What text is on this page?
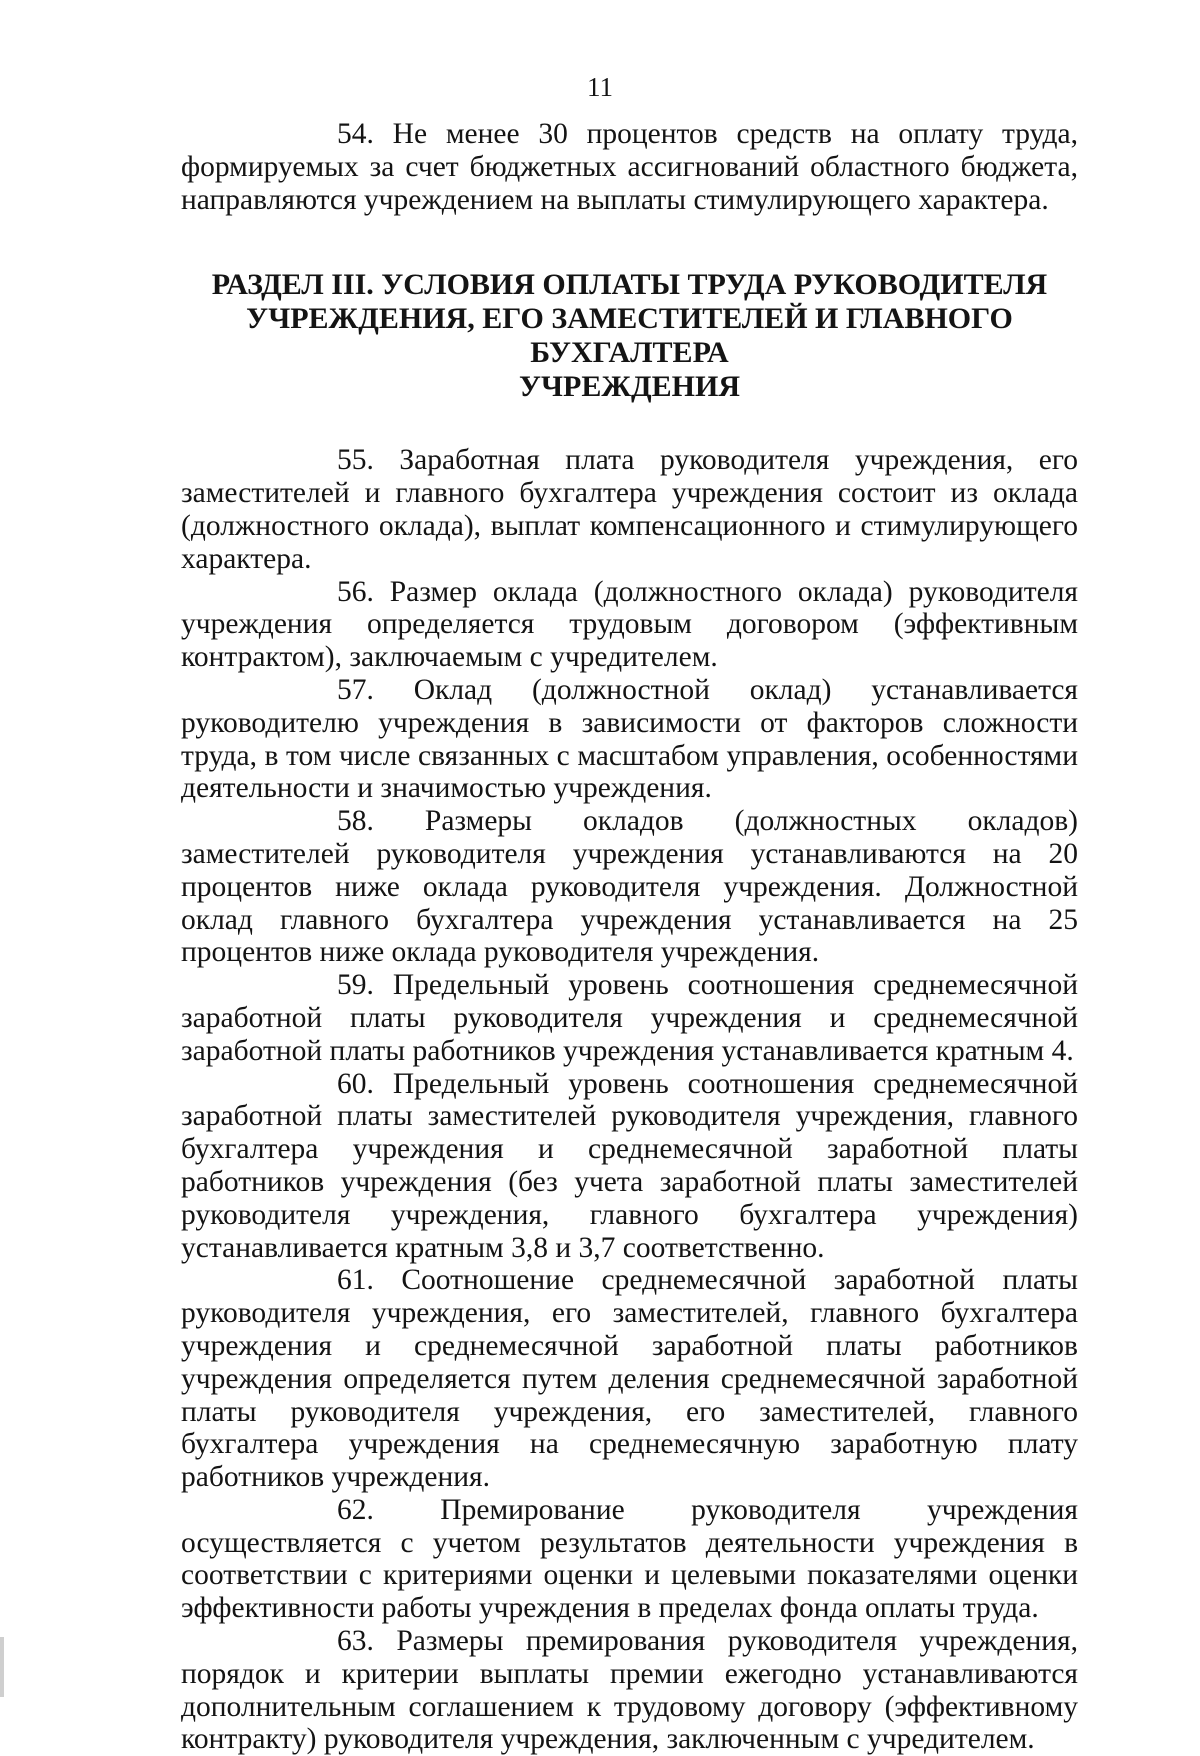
11

54. Не менее 30 процентов средств на оплату труда, формируемых за счет бюджетных ассигнований областного бюджета, направляются учреждением на выплаты стимулирующего характера.

РАЗДЕЛ III. УСЛОВИЯ ОПЛАТЫ ТРУДА РУКОВОДИТЕЛЯ
УЧРЕЖДЕНИЯ, ЕГО ЗАМЕСТИТЕЛЕЙ И ГЛАВНОГО БУХГАЛТЕРА
УЧРЕЖДЕНИЯ

55. Заработная плата руководителя учреждения, его заместителей и главного бухгалтера учреждения состоит из оклада (должностного оклада), выплат компенсационного и стимулирующего характера.

56. Размер оклада (должностного оклада) руководителя учреждения определяется трудовым договором (эффективным контрактом), заключаемым с учредителем.

57. Оклад (должностной оклад) устанавливается руководителю учреждения в зависимости от факторов сложности труда, в том числе связанных с масштабом управления, особенностями деятельности и значимостью учреждения.

58. Размеры окладов (должностных окладов) заместителей руководителя учреждения устанавливаются на 20 процентов ниже оклада руководителя учреждения. Должностной оклад главного бухгалтера учреждения устанавливается на 25 процентов ниже оклада руководителя учреждения.

59. Предельный уровень соотношения среднемесячной заработной платы руководителя учреждения и среднемесячной заработной платы работников учреждения устанавливается кратным 4.

60. Предельный уровень соотношения среднемесячной заработной платы заместителей руководителя учреждения, главного бухгалтера учреждения и среднемесячной заработной платы работников учреждения (без учета заработной платы заместителей руководителя учреждения, главного бухгалтера учреждения) устанавливается кратным 3,8 и 3,7 соответственно.

61. Соотношение среднемесячной заработной платы руководителя учреждения, его заместителей, главного бухгалтера учреждения и среднемесячной заработной платы работников учреждения определяется путем деления среднемесячной заработной платы руководителя учреждения, его заместителей, главного бухгалтера учреждения на среднемесячную заработную плату работников учреждения.

62. Премирование руководителя учреждения осуществляется с учетом результатов деятельности учреждения в соответствии с критериями оценки и целевыми показателями оценки эффективности работы учреждения в пределах фонда оплаты труда.

63. Размеры премирования руководителя учреждения, порядок и критерии выплаты премии ежегодно устанавливаются дополнительным соглашением к трудовому договору (эффективному контракту) руководителя учреждения, заключенным с учредителем.
